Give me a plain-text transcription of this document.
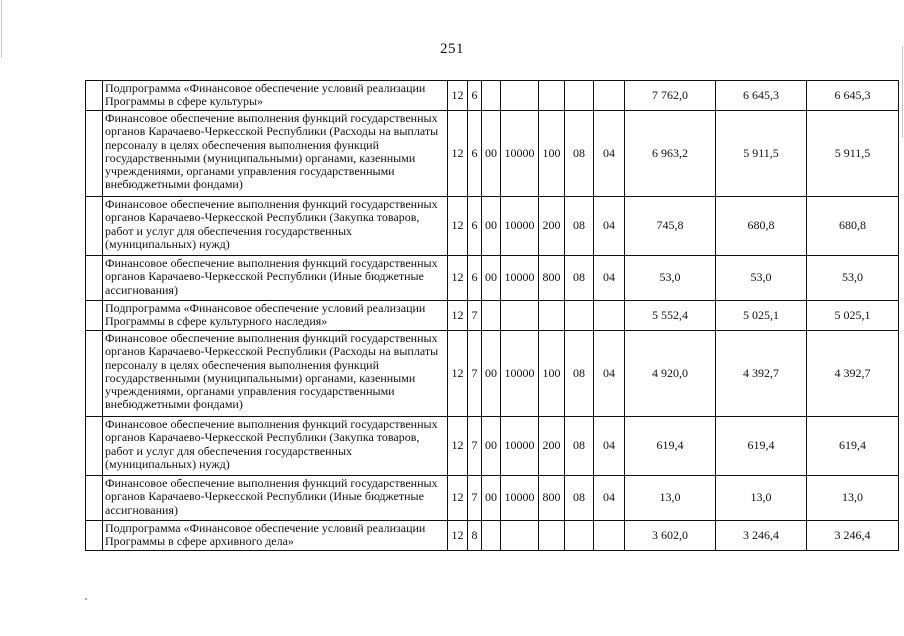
251
	Подпрограмма «Финансовое обеспечение условий реализации Программы в сфере культуры»	12	6						7 762,0	6 645,3	6 645,3
	Финансовое обеспечение выполнения функций государственных органов Карачаево-Черкесской Республики (Расходы на выплаты персоналу в целях обеспечения выполнения функций государственными (муниципальными) органами, казенными учреждениями, органами управления государственными внебюджетными фондами)	12	6	00	10000	100	08	04	6 963,2	5 911,5	5 911,5
	Финансовое обеспечение выполнения функций государственных органов Карачаево-Черкесской Республики (Закупка товаров, работ и услуг для обеспечения государственных (муниципальных) нужд)	12	6	00	10000	200	08	04	745,8	680,8	680,8
	Финансовое обеспечение выполнения функций государственных органов Карачаево-Черкесской Республики (Иные бюджетные ассигнования)	12	6	00	10000	800	08	04	53,0	53,0	53,0
	Подпрограмма «Финансовое обеспечение условий реализации Программы в сфере культурного наследия»	12	7						5 552,4	5 025,1	5 025,1
	Финансовое обеспечение выполнения функций государственных органов Карачаево-Черкесской Республики (Расходы на выплаты персоналу в целях обеспечения выполнения функций государственными (муниципальными) органами, казенными учреждениями, органами управления государственными внебюджетными фондами)	12	7	00	10000	100	08	04	4 920,0	4 392,7	4 392,7
	Финансовое обеспечение выполнения функций государственных органов Карачаево-Черкесской Республики (Закупка товаров, работ и услуг для обеспечения государственных (муниципальных) нужд)	12	7	00	10000	200	08	04	619,4	619,4	619,4
	Финансовое обеспечение выполнения функций государственных органов Карачаево-Черкесской Республики (Иные бюджетные ассигнования)	12	7	00	10000	800	08	04	13,0	13,0	13,0
	Подпрограмма «Финансовое обеспечение условий реализации Программы в сфере архивного дела»	12	8						3 602,0	3 246,4	3 246,4
